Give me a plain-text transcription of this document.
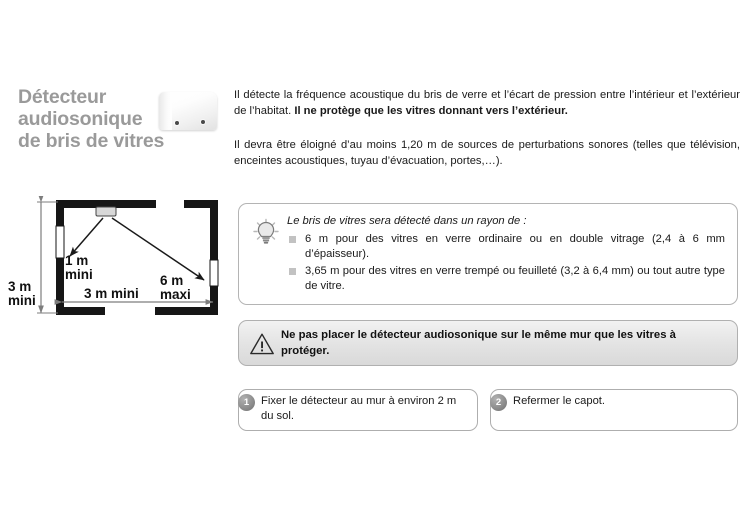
Détecteur audiosonique de bris de vitres
Il détecte la fréquence acoustique du bris de verre et l’écart de pression entre l’intérieur et l’extérieur de l’habitat. Il ne protège que les vitres donnant vers l’extérieur.
Il devra être éloigné d’au moins 1,20 m de sources de perturbations sonores (telles que télévision, enceintes acoustiques, tuyau d’évacuation, portes,…).
1 m
mini	6 m
maxi
3 m
mini	3 m mini
Le bris de vitres sera détecté dans un rayon de :
6 m pour des vitres en verre ordinaire ou en double vitrage (2,4 à 6 mm d’épaisseur).
3,65 m pour des vitres en verre trempé ou feuilleté (3,2 à 6,4 mm) ou tout autre type de vitre.
Ne pas placer le détecteur audiosonique sur le même mur que les vitres à protéger.
1	Fixer le détecteur au mur à environ 2 m du sol.
2	Refermer le capot.
